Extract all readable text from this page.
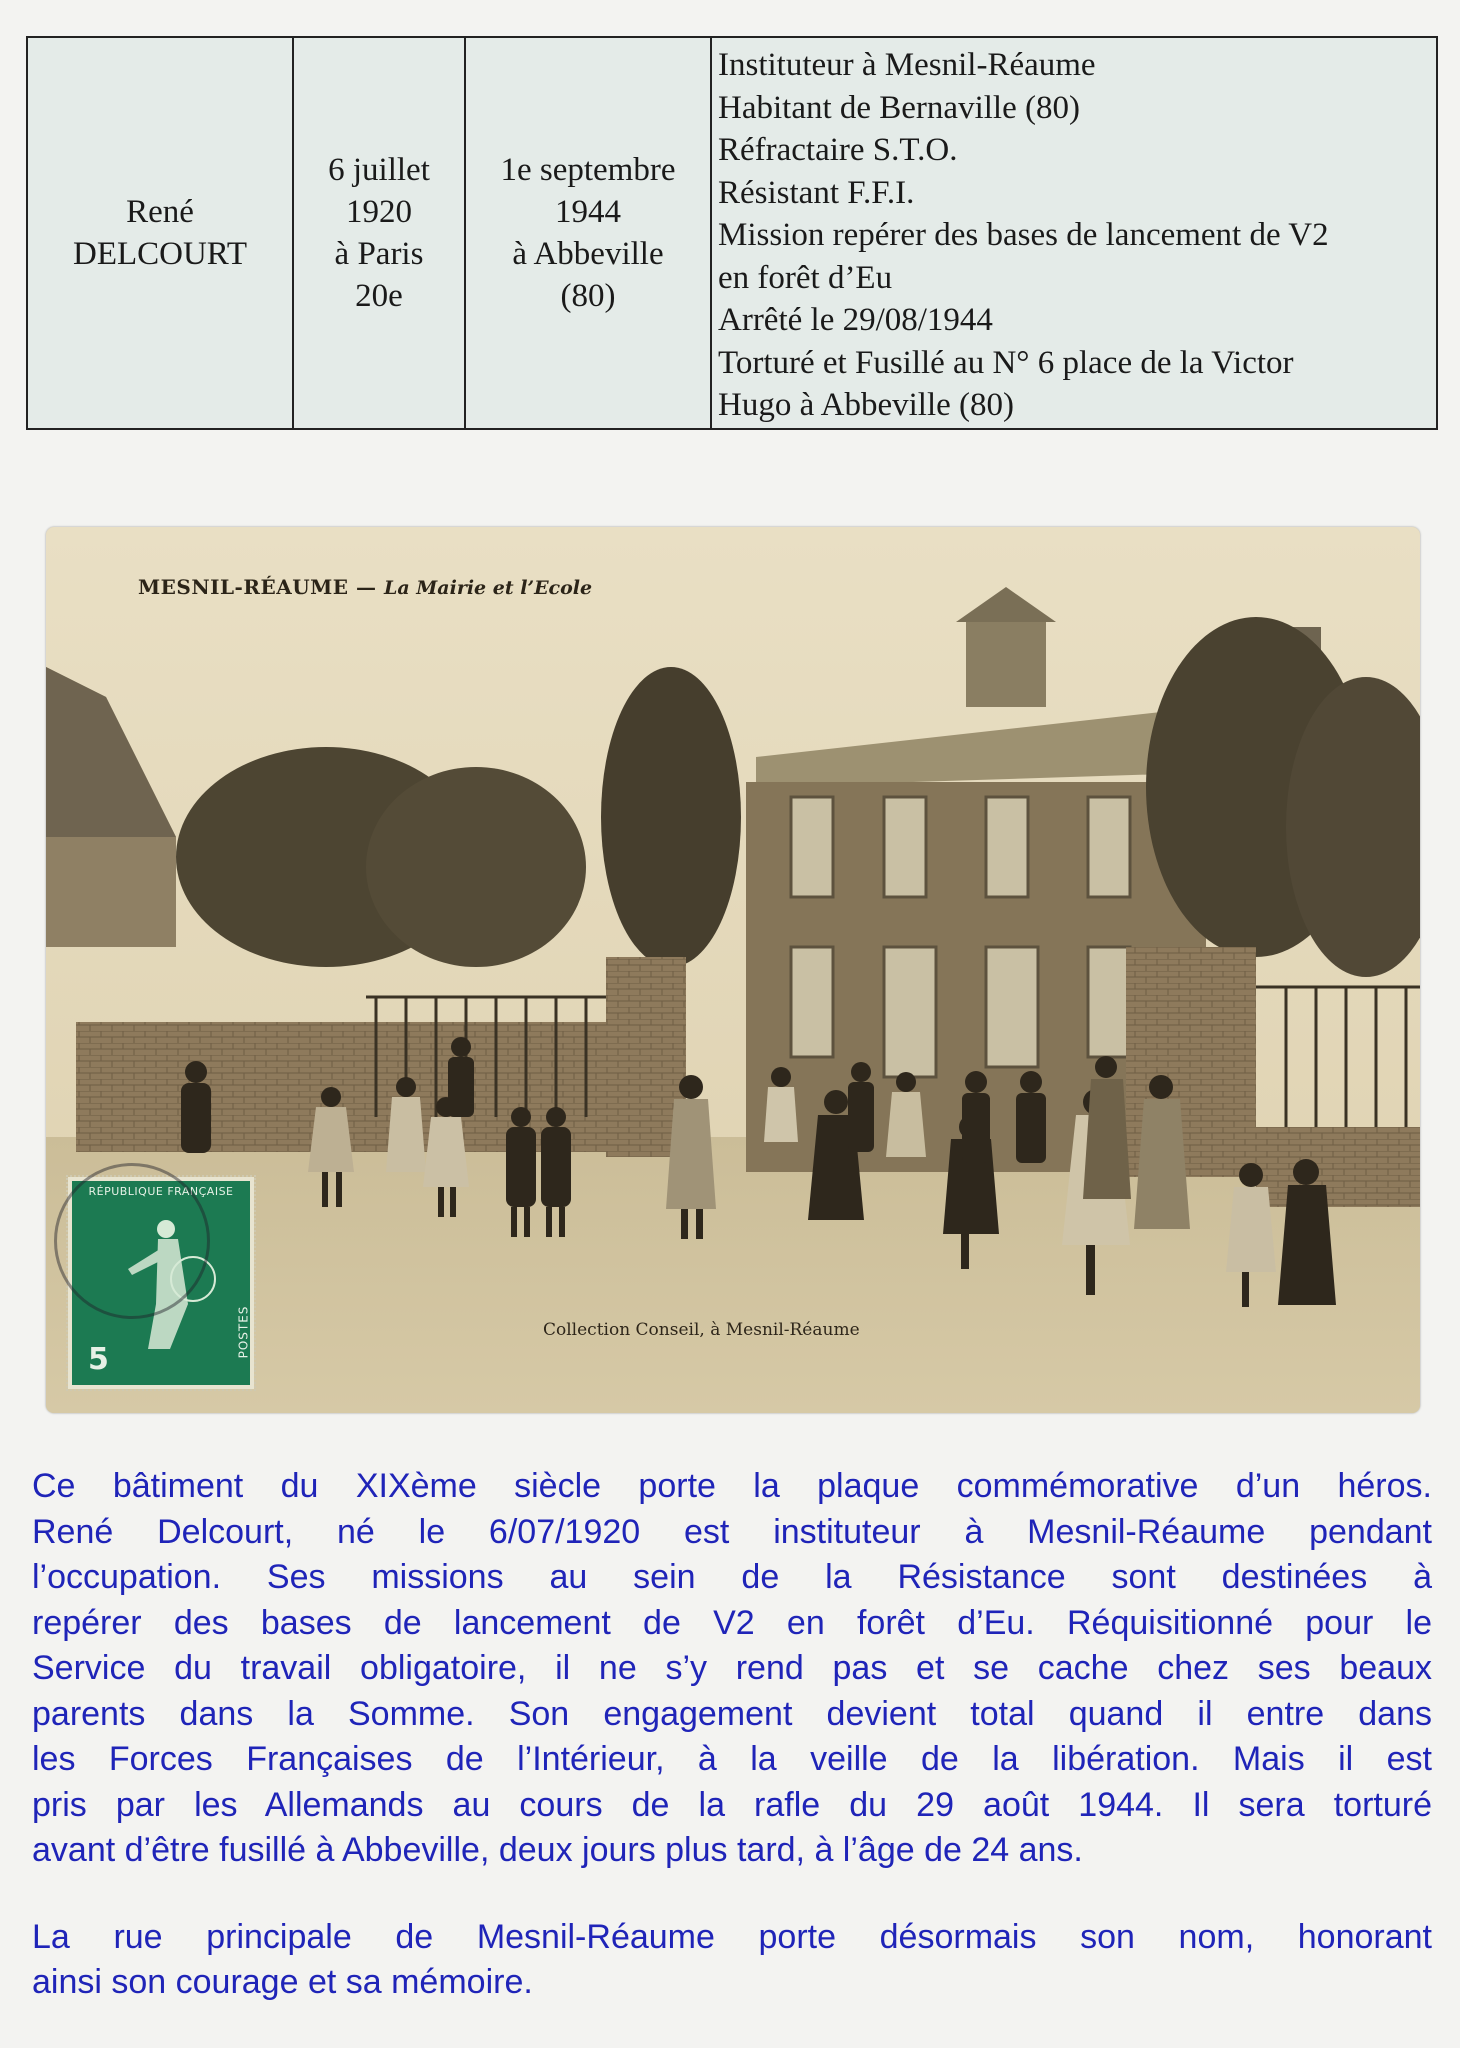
René
DELCOURT

6 juillet
1920
à Paris
20e

1e septembre
1944
à Abbeville
(80)

Instituteur à Mesnil-Réaume
Habitant de Bernaville (80)
Réfractaire S.T.O.
Résistant F.F.I.
Mission repérer des bases de lancement de V2
en forêt d’Eu
Arrêté le 29/08/1944
Torturé et Fusillé au N° 6 place de la Victor
Hugo à Abbeville (80)
MESNIL-RÉAUME — La Mairie et l’Ecole
Collection Conseil, à Mesnil-Réaume
RÉPUBLIQUE FRANÇAISE
POSTES
5
Ce bâtiment du XIXème siècle porte la plaque commémorative d’un héros.
René Delcourt, né le 6/07/1920 est instituteur à Mesnil-Réaume pendant
l’occupation. Ses missions au sein de la Résistance sont destinées à
repérer des bases de lancement de V2 en forêt d’Eu. Réquisitionné pour le
Service du travail obligatoire, il ne s’y rend pas et se cache chez ses beaux
parents dans la Somme. Son engagement devient total quand il entre dans
les Forces Françaises de l’Intérieur, à la veille de la libération. Mais il est
pris par les Allemands au cours de la rafle du 29 août 1944. Il sera torturé
avant d’être fusillé à Abbeville, deux jours plus tard, à l’âge de 24 ans.
La rue principale de Mesnil-Réaume porte désormais son nom, honorant
ainsi son courage et sa mémoire.
